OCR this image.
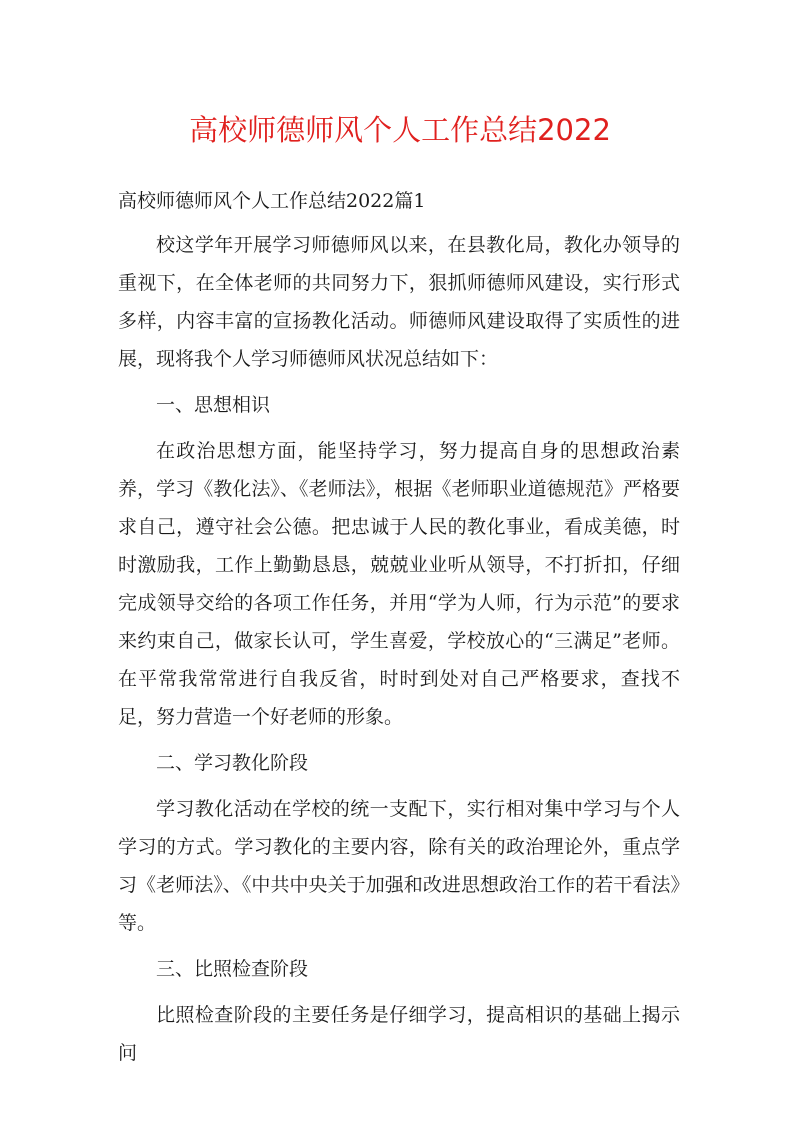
高校师德师风个人工作总结2022

高校师德师风个人工作总结2022篇1

校这学年开展学习师德师风以来，在县教化局，教化办领导的重视下，在全体老师的共同努力下，狠抓师德师风建设，实行形式多样，内容丰富的宣扬教化活动。师德师风建设取得了实质性的进展，现将我个人学习师德师风状况总结如下：

一、思想相识

在政治思想方面，能坚持学习，努力提高自身的思想政治素养，学习《教化法》、《老师法》，根据《老师职业道德规范》严格要求自己，遵守社会公德。把忠诚于人民的教化事业，看成美德，时时激励我，工作上勤勤恳恳，兢兢业业听从领导，不打折扣，仔细完成领导交给的各项工作任务，并用“学为人师，行为示范”的要求来约束自己，做家长认可，学生喜爱，学校放心的“三满足”老师。在平常我常常进行自我反省，时时到处对自己严格要求，查找不足，努力营造一个好老师的形象。

二、学习教化阶段

学习教化活动在学校的统一支配下，实行相对集中学习与个人学习的方式。学习教化的主要内容，除有关的政治理论外，重点学习《老师法》、《中共中央关于加强和改进思想政治工作的若干看法》等。

三、比照检查阶段

比照检查阶段的主要任务是仔细学习，提高相识的基础上揭示问
